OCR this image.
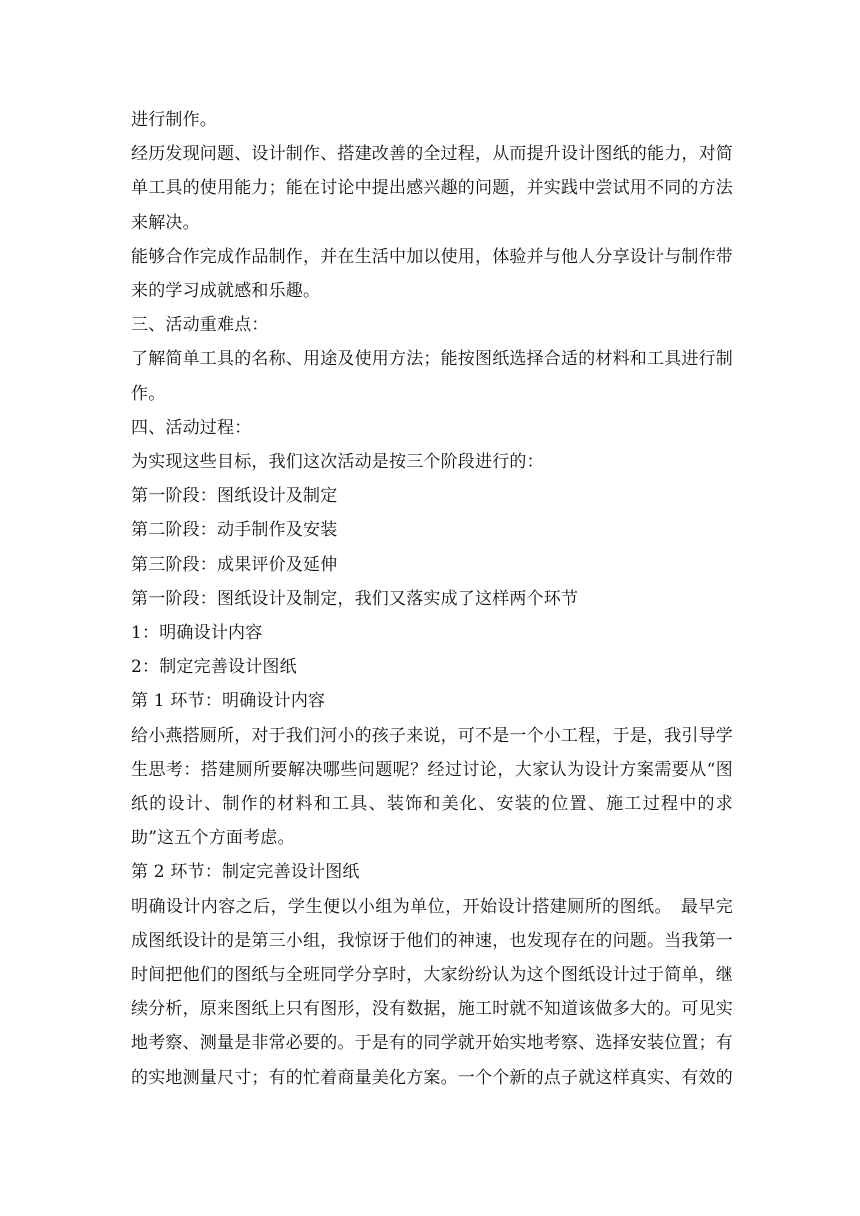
进行制作。

经历发现问题、设计制作、搭建改善的全过程，从而提升设计图纸的能力，对简单工具的使用能力；能在讨论中提出感兴趣的问题，并实践中尝试用不同的方法来解决。

能够合作完成作品制作，并在生活中加以使用，体验并与他人分享设计与制作带来的学习成就感和乐趣。

三、活动重难点：

了解简单工具的名称、用途及使用方法；能按图纸选择合适的材料和工具进行制作。

四、活动过程：

为实现这些目标，我们这次活动是按三个阶段进行的：

第一阶段：图纸设计及制定

第二阶段：动手制作及安装

第三阶段：成果评价及延伸

第一阶段：图纸设计及制定，我们又落实成了这样两个环节

1：明确设计内容

2：制定完善设计图纸

第 1 环节：明确设计内容

给小燕搭厕所，对于我们河小的孩子来说，可不是一个小工程，于是，我引导学生思考：搭建厕所要解决哪些问题呢？经过讨论，大家认为设计方案需要从“图纸的设计、制作的材料和工具、装饰和美化、安装的位置、施工过程中的求助”这五个方面考虑。

第 2 环节：制定完善设计图纸

明确设计内容之后，学生便以小组为单位，开始设计搭建厕所的图纸。　最早完成图纸设计的是第三小组，我惊讶于他们的神速，也发现存在的问题。当我第一时间把他们的图纸与全班同学分享时，大家纷纷认为这个图纸设计过于简单，继续分析，原来图纸上只有图形，没有数据，施工时就不知道该做多大的。可见实地考察、测量是非常必要的。于是有的同学就开始实地考察、选择安装位置；有的实地测量尺寸；有的忙着商量美化方案。一个个新的点子就这样真实、有效的
